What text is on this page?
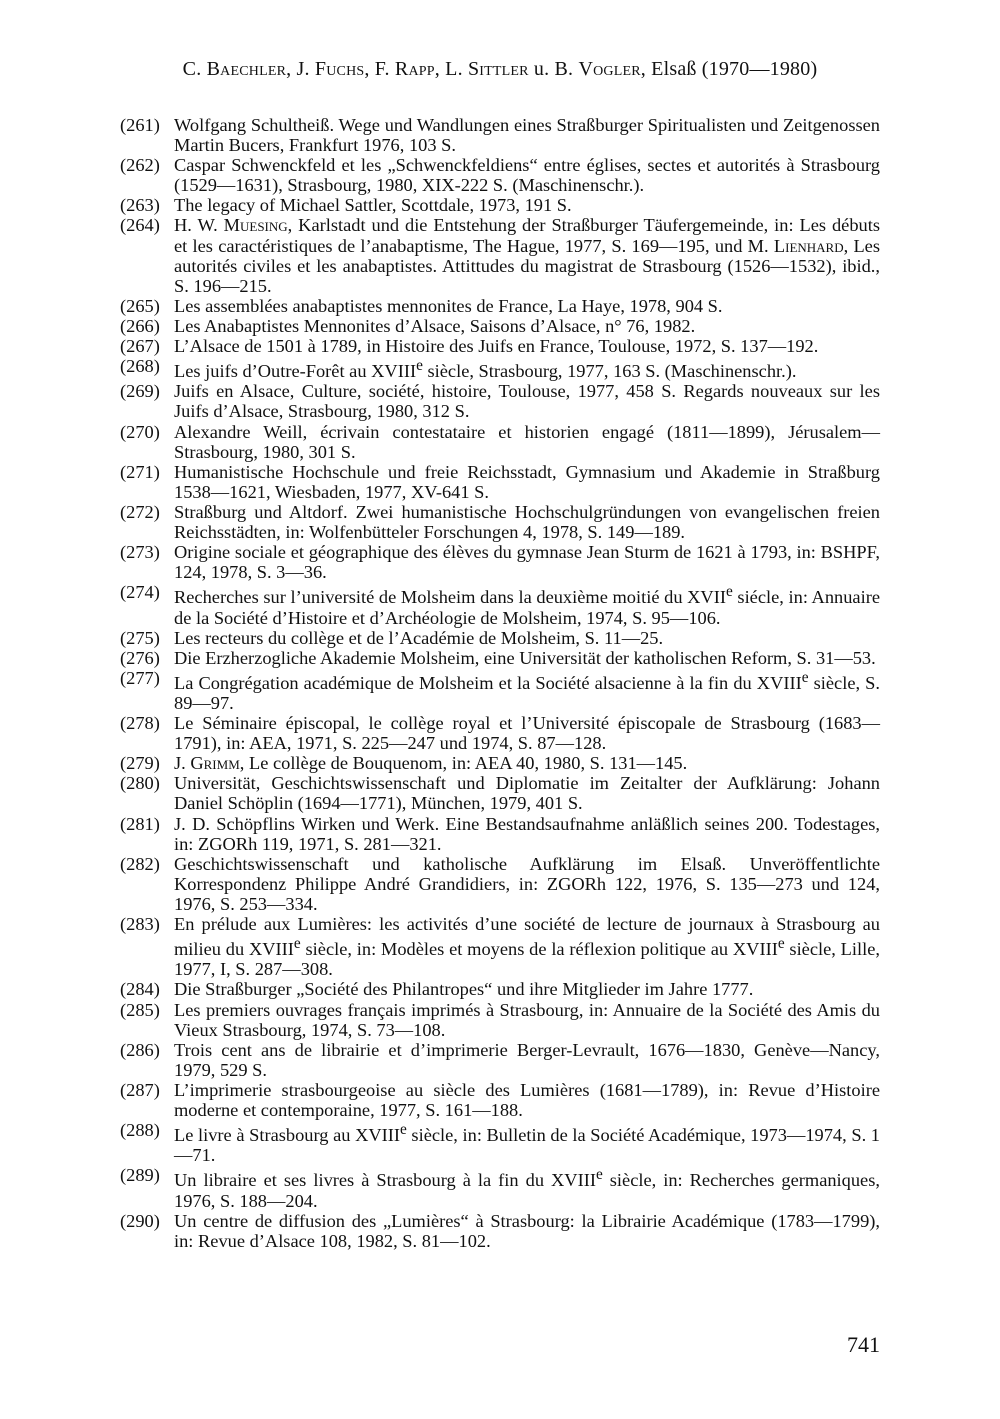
C. Baechler, J. Fuchs, F. Rapp, L. Sittler u. B. Vogler, Elsaß (1970—1980)
(261) Wolfgang Schultheiß. Wege und Wandlungen eines Straßburger Spiritualisten und Zeitgenossen Martin Bucers, Frankfurt 1976, 103 S.
(262) Caspar Schwenckfeld et les „Schwenckfeldiens“ entre églises, sectes et autorités à Strasbourg (1529—1631), Strasbourg, 1980, XIX-222 S. (Maschinenschr.).
(263) The legacy of Michael Sattler, Scottdale, 1973, 191 S.
(264) H. W. Muesing, Karlstadt und die Entstehung der Straßburger Täufergemeinde, in: Les débuts et les caractéristiques de l’anabaptisme, The Hague, 1977, S. 169—195, und M. Lienhard, Les autorités civiles et les anabaptistes. Attittudes du magistrat de Strasbourg (1526—1532), ibid., S. 196—215.
(265) Les assemblées anabaptistes mennonites de France, La Haye, 1978, 904 S.
(266) Les Anabaptistes Mennonites d’Alsace, Saisons d’Alsace, n° 76, 1982.
(267) L’Alsace de 1501 à 1789, in Histoire des Juifs en France, Toulouse, 1972, S. 137—192.
(268) Les juifs d’Outre-Forêt au XVIIIe siècle, Strasbourg, 1977, 163 S. (Maschinenschr.).
(269) Juifs en Alsace, Culture, société, histoire, Toulouse, 1977, 458 S. Regards nouveaux sur les Juifs d’Alsace, Strasbourg, 1980, 312 S.
(270) Alexandre Weill, écrivain contestataire et historien engagé (1811—1899), Jérusalem—Strasbourg, 1980, 301 S.
(271) Humanistische Hochschule und freie Reichsstadt, Gymnasium und Akademie in Straßburg 1538—1621, Wiesbaden, 1977, XV-641 S.
(272) Straßburg und Altdorf. Zwei humanistische Hochschulgründungen von evangelischen freien Reichsstädten, in: Wolfenbütteler Forschungen 4, 1978, S. 149—189.
(273) Origine sociale et géographique des élèves du gymnase Jean Sturm de 1621 à 1793, in: BSHPF, 124, 1978, S. 3—36.
(274) Recherches sur l’université de Molsheim dans la deuxième moitié du XVIIe siécle, in: Annuaire de la Société d’Histoire et d’Archéologie de Molsheim, 1974, S. 95—106.
(275) Les recteurs du collège et de l’Académie de Molsheim, S. 11—25.
(276) Die Erzherzogliche Akademie Molsheim, eine Universität der katholischen Reform, S. 31—53.
(277) La Congrégation académique de Molsheim et la Société alsacienne à la fin du XVIIIe siècle, S. 89—97.
(278) Le Séminaire épiscopal, le collège royal et l’Université épiscopale de Strasbourg (1683—1791), in: AEA, 1971, S. 225—247 und 1974, S. 87—128.
(279) J. Grimm, Le collège de Bouquenom, in: AEA 40, 1980, S. 131—145.
(280) Universität, Geschichtswissenschaft und Diplomatie im Zeitalter der Aufklärung: Johann Daniel Schöplin (1694—1771), München, 1979, 401 S.
(281) J. D. Schöpflins Wirken und Werk. Eine Bestandsaufnahme anläßlich seines 200. Todestages, in: ZGORh 119, 1971, S. 281—321.
(282) Geschichtswissenschaft und katholische Aufklärung im Elsaß. Unveröffentlichte Korrespondenz Philippe André Grandidiers, in: ZGORh 122, 1976, S. 135—273 und 124, 1976, S. 253—334.
(283) En prélude aux Lumières: les activités d’une société de lecture de journaux à Strasbourg au milieu du XVIIIe siècle, in: Modèles et moyens de la réflexion politique au XVIIIe siècle, Lille, 1977, I, S. 287—308.
(284) Die Straßburger „Société des Philantropes“ und ihre Mitglieder im Jahre 1777.
(285) Les premiers ouvrages français imprimés à Strasbourg, in: Annuaire de la Société des Amis du Vieux Strasbourg, 1974, S. 73—108.
(286) Trois cent ans de librairie et d’imprimerie Berger-Levrault, 1676—1830, Genève—Nancy, 1979, 529 S.
(287) L’imprimerie strasbourgeoise au siècle des Lumières (1681—1789), in: Revue d’Histoire moderne et contemporaine, 1977, S. 161—188.
(288) Le livre à Strasbourg au XVIIIe siècle, in: Bulletin de la Société Académique, 1973—1974, S. 1—71.
(289) Un libraire et ses livres à Strasbourg à la fin du XVIIIe siècle, in: Recherches germaniques, 1976, S. 188—204.
(290) Un centre de diffusion des „Lumières“ à Strasbourg: la Librairie Académique (1783—1799), in: Revue d’Alsace 108, 1982, S. 81—102.
741
